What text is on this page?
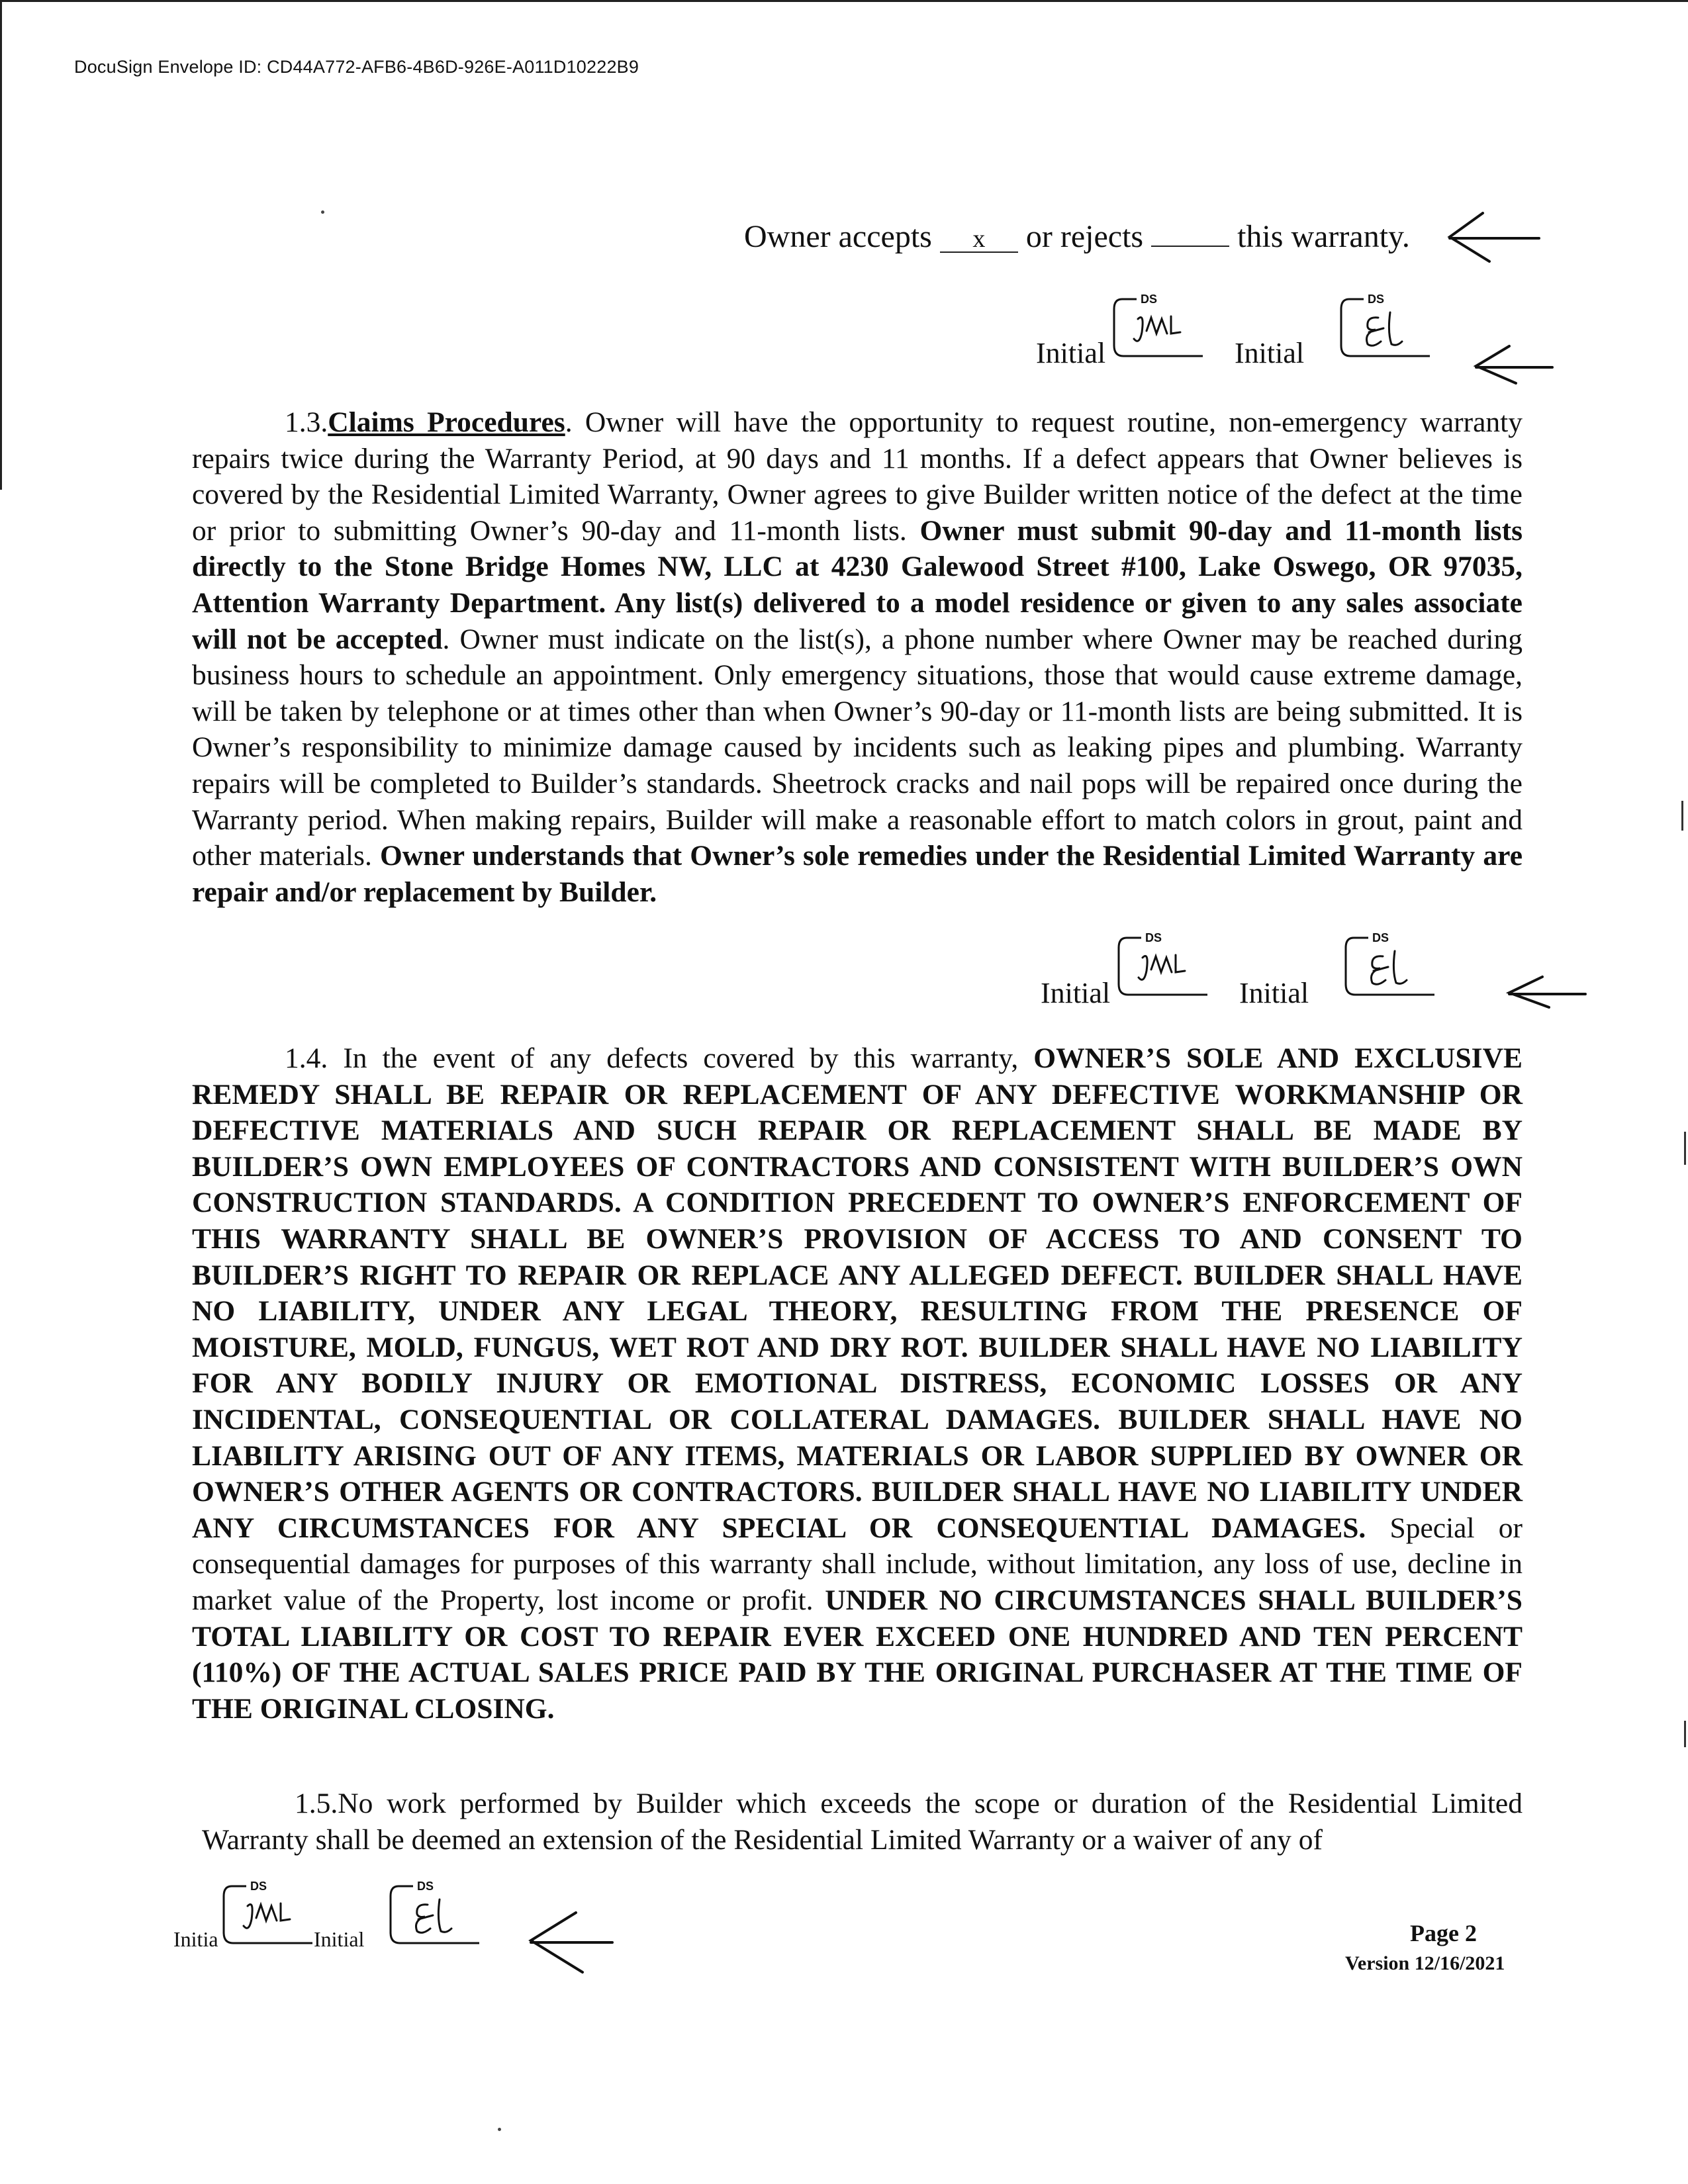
DocuSign Envelope ID: CD44A772-AFB6-4B6D-926E-A011D10222B9
Owner accepts x or rejects	this warranty.
Initial
DS
Initial
DS
1.3.Claims Procedures. Owner will have the opportunity to request routine, non-emergency warranty repairs twice during the Warranty Period, at 90 days and 11 months. If a defect appears that Owner believes is covered by the Residential Limited Warranty, Owner agrees to give Builder written notice of the defect at the time or prior to submitting Owner’s 90-day and 11-month lists. Owner must submit 90-day and 11-month lists directly to the Stone Bridge Homes NW, LLC at 4230 Galewood Street #100, Lake Oswego, OR 97035, Attention Warranty Department. Any list(s) delivered to a model residence or given to any sales associate will not be accepted. Owner must indicate on the list(s), a phone number where Owner may be reached during business hours to schedule an appointment. Only emergency situations, those that would cause extreme damage, will be taken by telephone or at times other than when Owner’s 90-day or 11-month lists are being submitted. It is Owner’s responsibility to minimize damage caused by incidents such as leaking pipes and plumbing. Warranty repairs will be completed to Builder’s standards. Sheetrock cracks and nail pops will be repaired once during the Warranty period. When making repairs, Builder will make a reasonable effort to match colors in grout, paint and other materials. Owner understands that Owner’s sole remedies under the Residential Limited Warranty are repair and/or replacement by Builder.
Initial
DS
Initial
DS
1.4. In the event of any defects covered by this warranty, OWNER’S SOLE AND EXCLUSIVE REMEDY SHALL BE REPAIR OR REPLACEMENT OF ANY DEFECTIVE WORKMANSHIP OR DEFECTIVE MATERIALS AND SUCH REPAIR OR REPLACEMENT SHALL BE MADE BY BUILDER’S OWN EMPLOYEES OF CONTRACTORS AND CONSISTENT WITH BUILDER’S OWN CONSTRUCTION STANDARDS. A CONDITION PRECEDENT TO OWNER’S ENFORCEMENT OF THIS WARRANTY SHALL BE OWNER’S PROVISION OF ACCESS TO AND CONSENT TO BUILDER’S RIGHT TO REPAIR OR REPLACE ANY ALLEGED DEFECT. BUILDER SHALL HAVE NO LIABILITY, UNDER ANY LEGAL THEORY, RESULTING FROM THE PRESENCE OF MOISTURE, MOLD, FUNGUS, WET ROT AND DRY ROT. BUILDER SHALL HAVE NO LIABILITY FOR ANY BODILY INJURY OR EMOTIONAL DISTRESS, ECONOMIC LOSSES OR ANY INCIDENTAL, CONSEQUENTIAL OR COLLATERAL DAMAGES. BUILDER SHALL HAVE NO LIABILITY ARISING OUT OF ANY ITEMS, MATERIALS OR LABOR SUPPLIED BY OWNER OR OWNER’S OTHER AGENTS OR CONTRACTORS. BUILDER SHALL HAVE NO LIABILITY UNDER ANY CIRCUMSTANCES FOR ANY SPECIAL OR CONSEQUENTIAL DAMAGES. Special or consequential damages for purposes of this warranty shall include, without limitation, any loss of use, decline in market value of the Property, lost income or profit. UNDER NO CIRCUMSTANCES SHALL BUILDER’S TOTAL LIABILITY OR COST TO REPAIR EVER EXCEED ONE HUNDRED AND TEN PERCENT (110%) OF THE ACTUAL SALES PRICE PAID BY THE ORIGINAL PURCHASER AT THE TIME OF THE ORIGINAL CLOSING.
1.5.No work performed by Builder which exceeds the scope or duration of the Residential Limited Warranty shall be deemed an extension of the Residential Limited Warranty or a waiver of any of
Initia
DS
Initial
DS
Page 2
Version 12/16/2021
